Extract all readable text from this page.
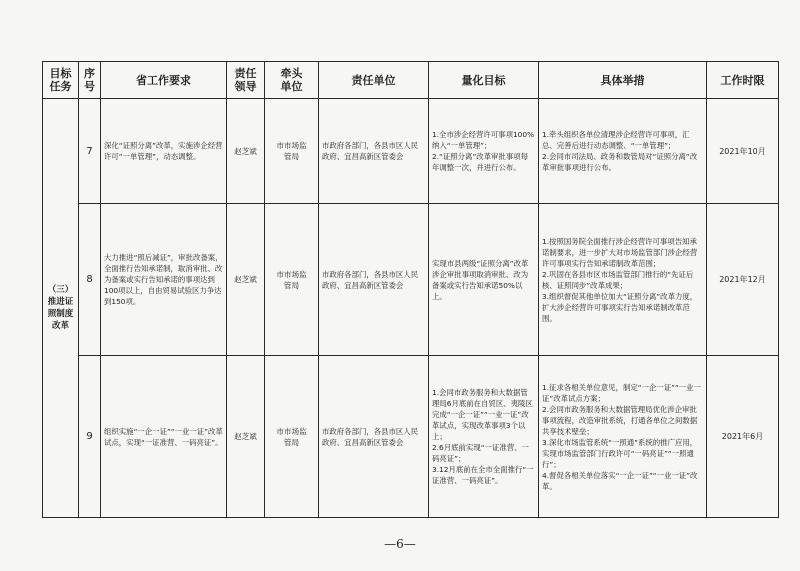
目标
任务	序
号	省工作要求	责任
领导	牵头
单位	责任单位	量化目标	具体举措	工作时限

（三）
推进证
照制度
改革	7	深化“证照分离”改革，实施涉企经营许可“一单管理”，动态调整。	赵芝斌	市市场监
管局	市政府各部门，各县市区人民政府、宜昌高新区管委会	1.全市涉企经营许可事项100%纳入“一单管理”；
2.“证照分离”改革审批事项每年调整一次，并进行公布。	1.牵头组织各单位清理涉企经营许可事项，汇总、完善后进行动态调整、“一单管理”；
2.会同市司法局、政务和数管局对“证照分离”改革审批事项进行公布。	2021年10月
	8	大力推进“照后减证”，审批改备案，全面推行告知承诺制，取消审批、改为备案或实行告知承诺的事项达到100项以上，自由贸易试验区力争达到150项。	赵芝斌	市市场监
管局	市政府各部门，各县市区人民政府、宜昌高新区管委会	实现市县两级“证照分离”改革涉企审批事项取消审批、改为备案或实行告知承诺50%以上。	1.按照国务院全面推行涉企经营许可事项告知承诺制要求，进一步扩大对市场监管部门涉企经营许可事项实行告知承诺制改革范围；
2.巩固在各县市区市场监管部门推行的“先证后核、证照同步”改革成果；
3.组织督促其他单位加大“证照分离”改革力度，扩大涉企经营许可事项实行告知承诺制改革范围。	2021年12月
	9	组织实施“一企一证”“一业一证”改革试点，实现“一证准营、一码亮证”。	赵芝斌	市市场监
管局	市政府各部门，各县市区人民政府、宜昌高新区管委会	1.会同市政务服务和大数据管理局6月底前在自贸区、夷陵区完成“一企一证”“一业一证”改革试点，实现改革事项3个以上；
2.6月底前实现“一证准营、一码亮证”；
3.12月底前在全市全面推行“一证准营、一码亮证”。	1.征求各相关单位意见，制定“一企一证”“一业一证”改革试点方案；
2.会同市政务服务和大数据管理局优化涉企审批事项流程，改造审批系统，打通各单位之间数据共享技术壁垒；
3.深化市场监管系统“一照通”系统的推广应用，实现市场监管部门行政许可“一码亮证”“一照通行”；
4.督促各相关单位落实“一企一证”“一业一证”改革。	2021年6月
—6—
